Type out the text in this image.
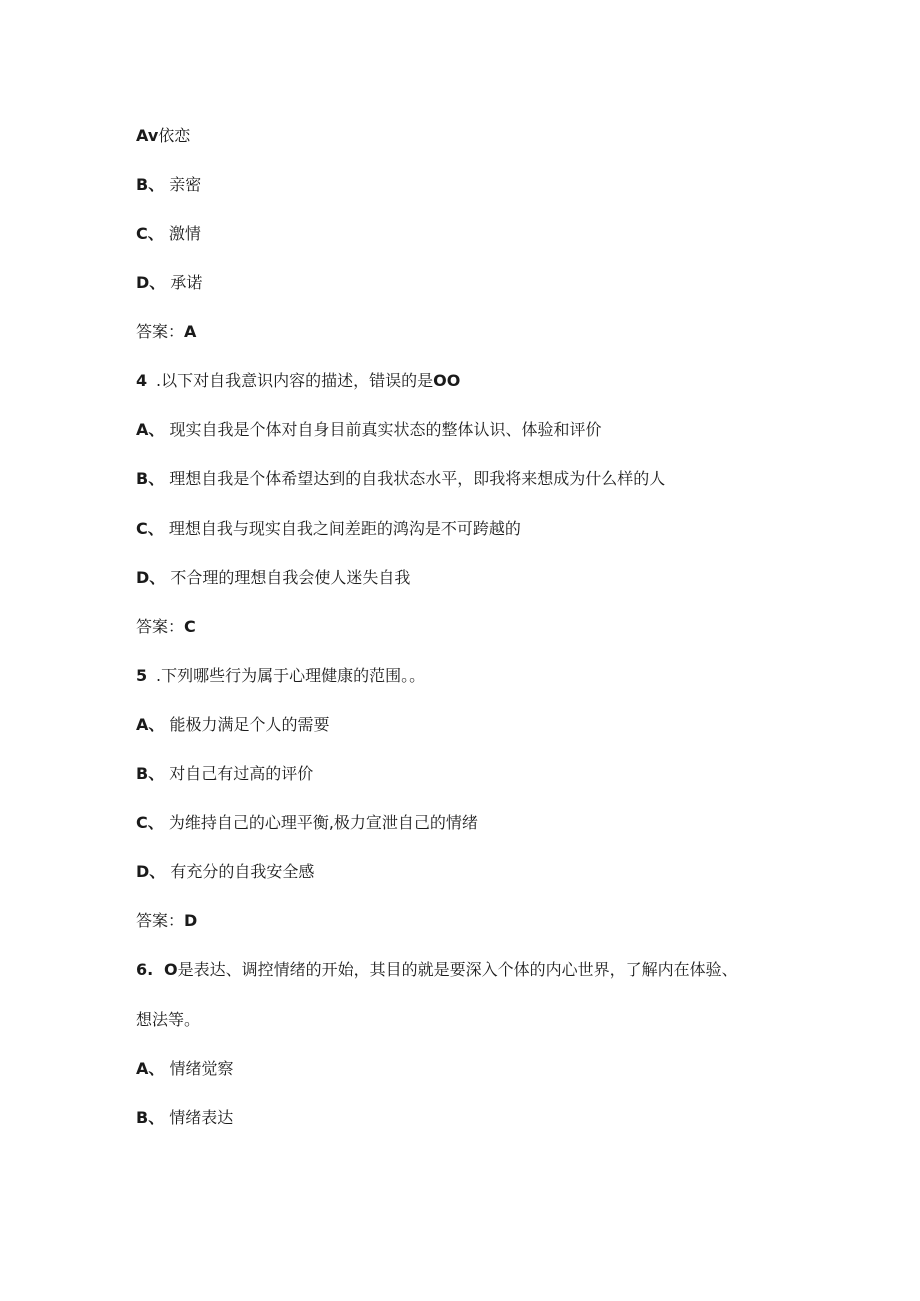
Av依恋
B、 亲密
C、 激情
D、 承诺
答案：A
4 .以下对自我意识内容的描述，错误的是OO
A、 现实自我是个体对自身目前真实状态的整体认识、体验和评价
B、 理想自我是个体希望达到的自我状态水平，即我将来想成为什么样的人
C、 理想自我与现实自我之间差距的鸿沟是不可跨越的
D、 不合理的理想自我会使人迷失自我
答案：C
5 .下列哪些行为属于心理健康的范围。。
A、 能极力满足个人的需要
B、 对自己有过高的评价
C、 为维持自己的心理平衡,极力宣泄自己的情绪
D、 有充分的自我安全感
答案：D
6. O是表达、调控情绪的开始，其目的就是要深入个体的内心世界，了解内在体验、
想法等。
A、 情绪觉察
B、 情绪表达
